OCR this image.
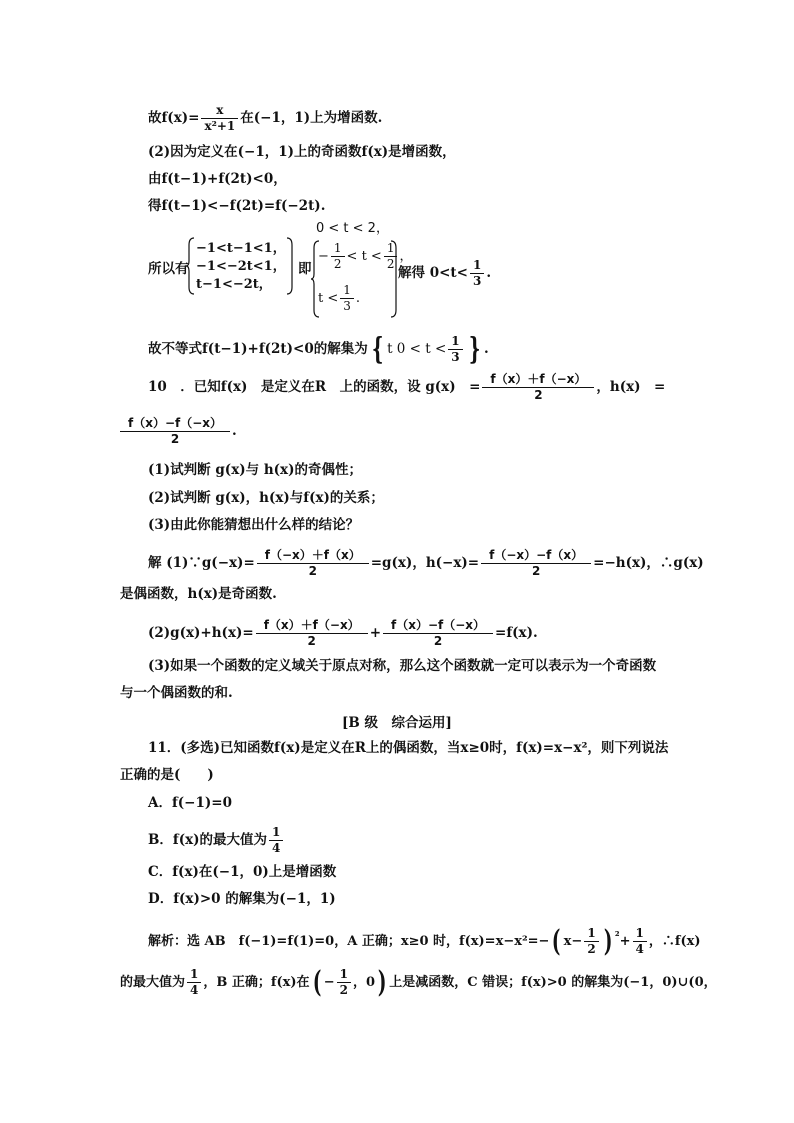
故$f(x)= \frac{x}{\text{x²+1}}$ 在(−1，1)上为增函数.
(2)因为定义在(−1，1)上的奇函数f(x)是增函数，
由f(t−1)+f(2t)<0，
得f(t−1)<−f(2t)=f(−2t).
所以有
−1<t−1<1，
−1<−2t<1，
t−1<−2t，
即
0 < t < 2，
− $\frac{1}{2} < t < \frac{1}{2}$ ，
$t < \frac{1}{3}$ .
解得 $0<t< \frac{1}{3}$ .
故不等式f(t−1)+f(2t)<0的解集为 { t $0 < t < \frac{1}{3}$ } .
10　．已知f(x)　是定义在R　上的函数，设 g(x)　= $\frac{f(x)+f(-x)}{2}$ ，h(x)　=
$\frac{f(x)-f(-x)}{2}$ .
(1)试判断 g(x)与 h(x)的奇偶性；
(2)试判断 g(x)，h(x)与f(x)的关系；
(3)由此你能猜想出什么样的结论？
解 (1)∵g(−x)= $\frac{f(-x)+f(x)}{2} =g(x)$，$h(-x)= \frac{f(-x)-f(x)}{2} =-h(x)$，∴g(x)
是偶函数，h(x)是奇函数.
$(2)g(x)+h(x)= \frac{f(x)+f(-x)}{2} + \frac{f(x)-f(-x)}{2} =f(x)$.
(3)如果一个函数的定义域关于原点对称，那么这个函数就一定可以表示为一个奇函数
与一个偶函数的和.
[B 级　综合运用]
11．(多选)已知函数f(x)是定义在R上的偶函数，当x≥0时，f(x)=x−x²，则下列说法
正确的是(　　)
A．f(−1)=0
B．f(x)的最大值为 $\frac{1}{4}$
C．f(x)在(−1，0)上是增函数
D．f(x)>0 的解集为(−1，1)
解析：选 AB　f(−1)=f(1)=0，A 正确；x≥0 时，f(x)=x−x²=−( $x- \frac{1}{2}$ ) $^{^2}+ \frac{1}{4}$ ，∴f(x)
的最大值为 $\frac{1}{4}$ ，B 正确；f(x)在( − $\frac{1}{2}$ ，0) 上是减函数，C 错误；f(x)>0 的解集为(−1，0)∪(0，
